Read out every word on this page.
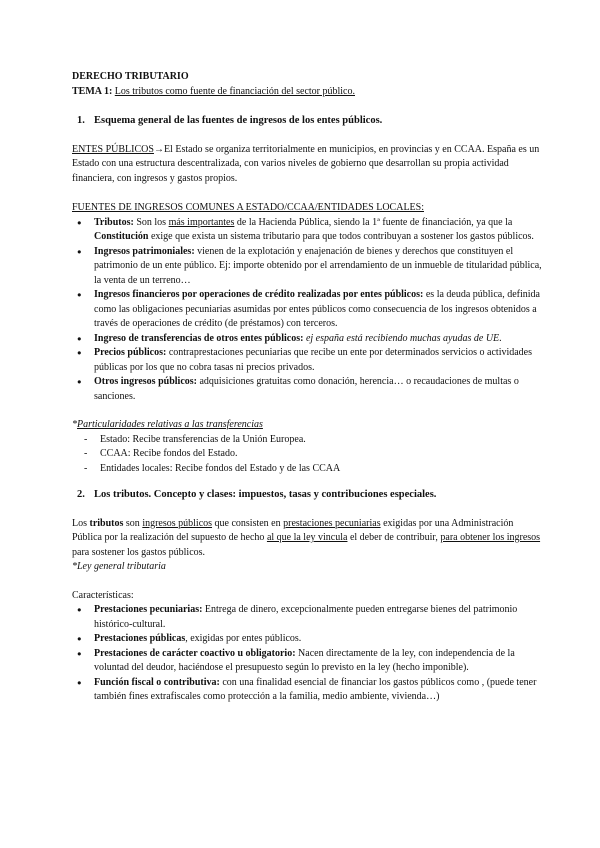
DERECHO TRIBUTARIO

TEMA 1: Los tributos como fuente de financiación del sector público.

1. Esquema general de las fuentes de ingresos de los entes públicos.

ENTES PÚBLICOS→El Estado se organiza territorialmente en municipios, en provincias y en CCAA. España es un Estado con una estructura descentralizada, con varios niveles de gobierno que desarrollan su propia actividad financiera, con ingresos y gastos propios.

FUENTES DE INGRESOS COMUNES A ESTADO/CCAA/ENTIDADES LOCALES:

● Tributos: Son los más importantes de la Hacienda Pública, siendo la 1ª fuente de financiación, ya que la Constitución exige que exista un sistema tributario para que todos contribuyan a sostener los gastos públicos.
● Ingresos patrimoniales: vienen de la explotación y enajenación de bienes y derechos que constituyen el patrimonio de un ente público. Ej: importe obtenido por el arrendamiento de un inmueble de titularidad pública, la venta de un terreno…
● Ingresos financieros por operaciones de crédito realizadas por entes públicos: es la deuda pública, definida como las obligaciones pecuniarias asumidas por entes públicos como consecuencia de los ingresos obtenidos a través de operaciones de crédito (de préstamos) con terceros.
● Ingreso de transferencias de otros entes públicos: ej españa está recibiendo muchas ayudas de UE.
● Precios públicos: contraprestaciones pecuniarias que recibe un ente por determinados servicios o actividades públicas por los que no cobra tasas ni precios privados.
● Otros ingresos públicos: adquisiciones gratuitas como donación, herencia… o recaudaciones de multas o sanciones.

*Particularidades relativas a las transferencias

- Estado: Recibe transferencias de la Unión Europea.
- CCAA: Recibe fondos del Estado.
- Entidades locales: Recibe fondos del Estado y de las CCAA

2. Los tributos. Concepto y clases: impuestos, tasas y contribuciones especiales.

Los tributos son ingresos públicos que consisten en prestaciones pecuniarias exigidas por una Administración Pública por la realización del supuesto de hecho al que la ley vincula el deber de contribuir, para obtener los ingresos para sostener los gastos públicos.

*Ley general tributaria

Características:

● Prestaciones pecuniarias: Entrega de dinero, excepcionalmente pueden entregarse bienes del patrimonio histórico-cultural.
● Prestaciones públicas, exigidas por entes públicos.
● Prestaciones de carácter coactivo u obligatorio: Nacen directamente de la ley, con independencia de la voluntad del deudor, haciéndose el presupuesto según lo previsto en la ley (hecho imponible).
● Función fiscal o contributiva: con una finalidad esencial de financiar los gastos públicos como , (puede tener también fines extrafiscales como protección a la familia, medio ambiente, vivienda…)
